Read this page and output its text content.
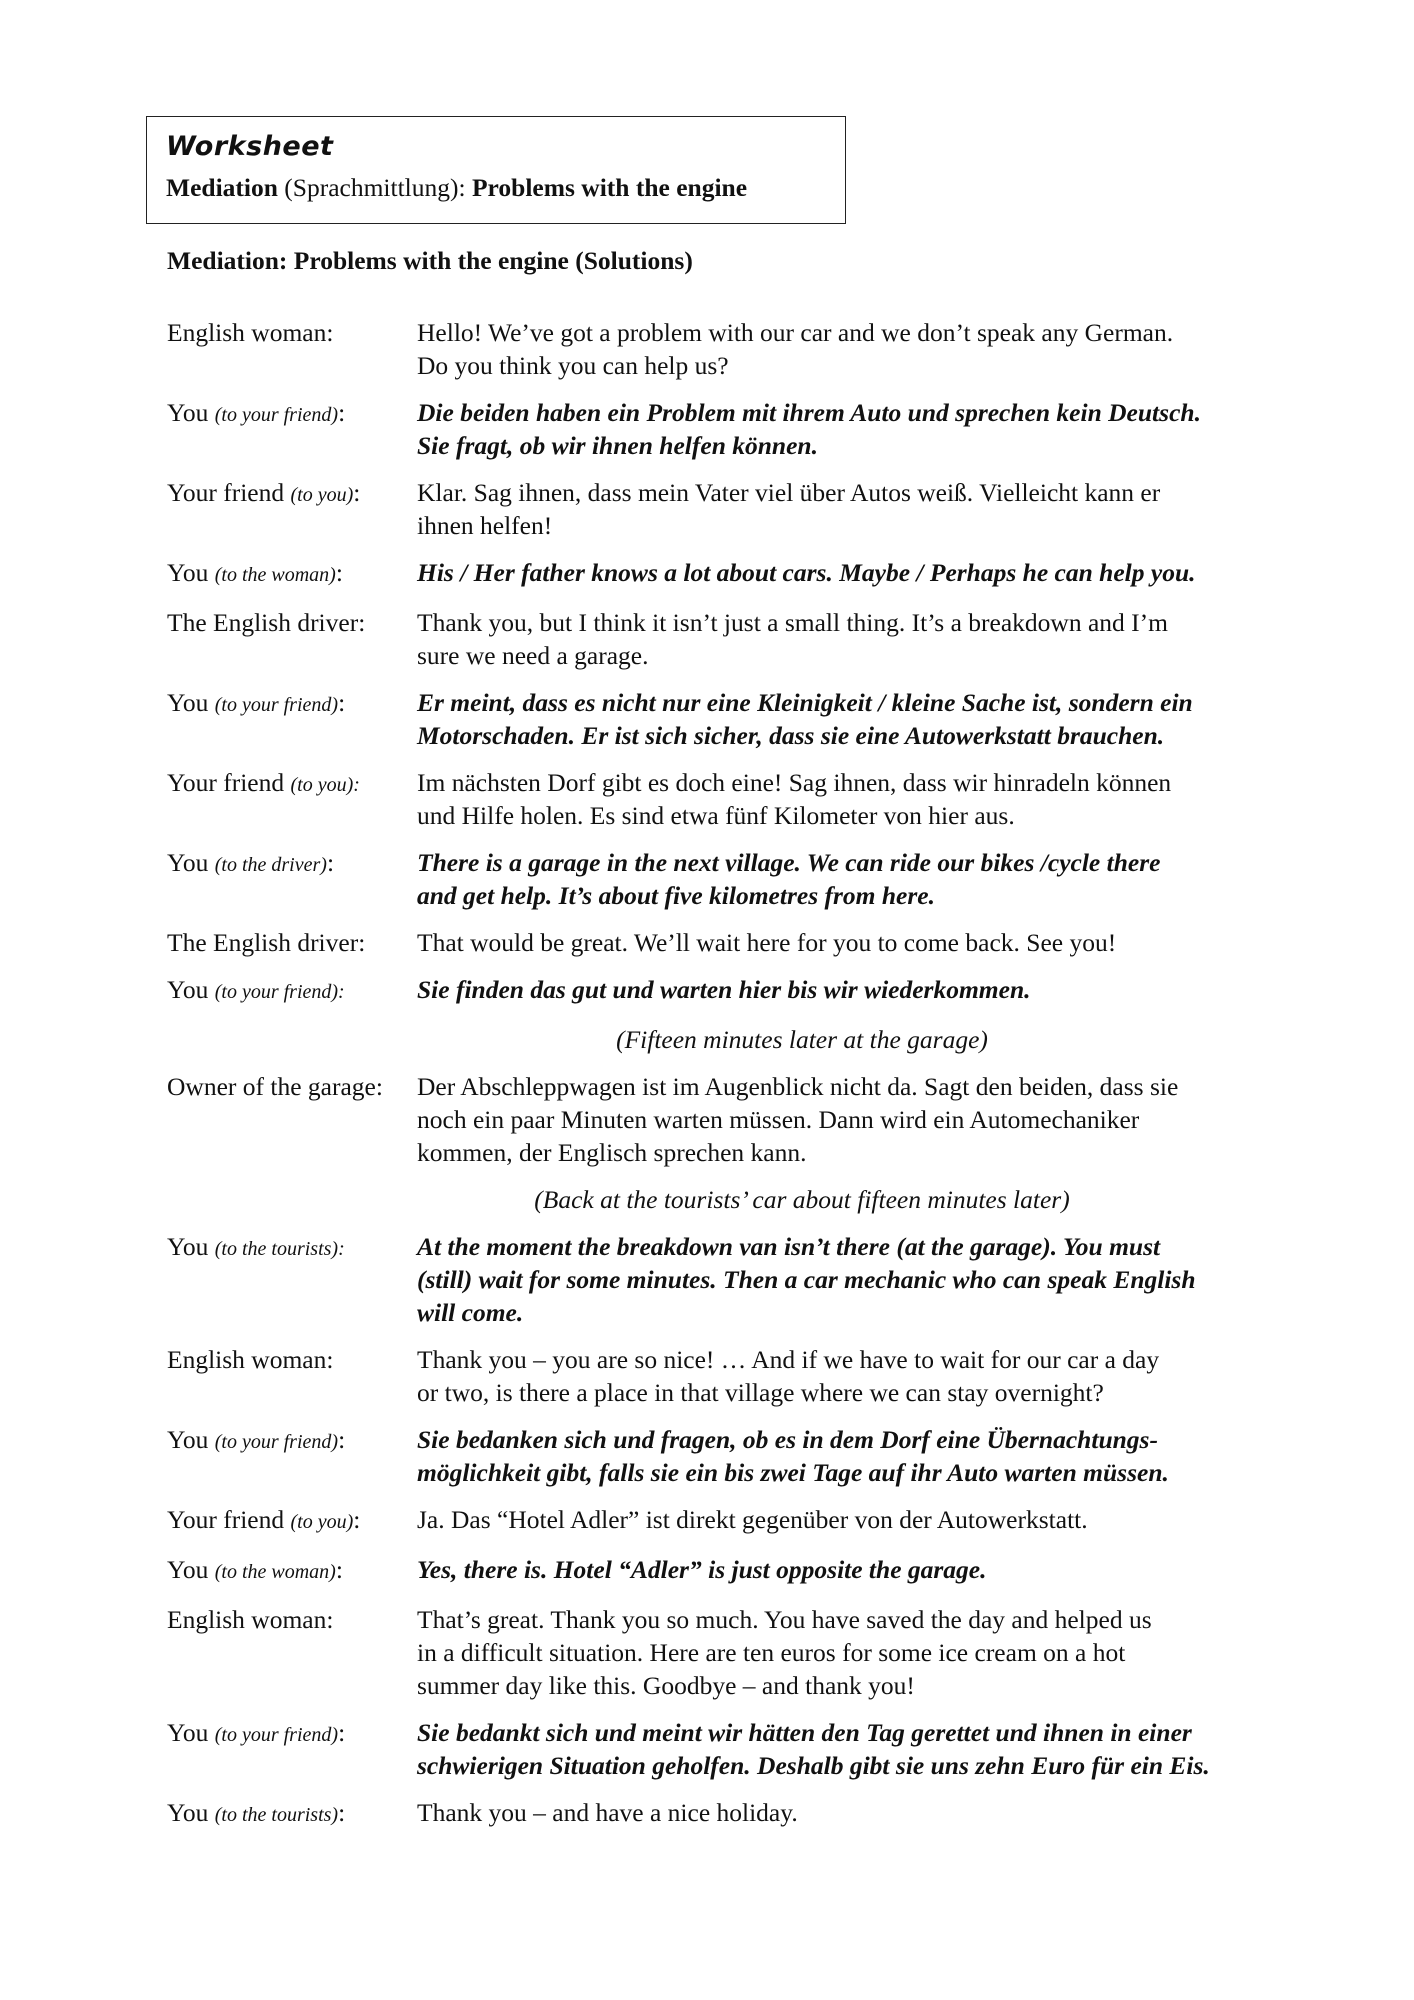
Worksheet
Mediation (Sprachmittlung): Problems with the engine
Mediation: Problems with the engine (Solutions)
English woman:	Hello! We’ve got a problem with our car and we don’t speak any German.
Do you think you can help us?
You (to your friend):	Die beiden haben ein Problem mit ihrem Auto und sprechen kein Deutsch.
Sie fragt, ob wir ihnen helfen können.
Your friend (to you):	Klar. Sag ihnen, dass mein Vater viel über Autos weiß. Vielleicht kann er
ihnen helfen!
You (to the woman):	His / Her father knows a lot about cars. Maybe / Perhaps he can help you.
The English driver:	Thank you, but I think it isn’t just a small thing. It’s a breakdown and I’m
sure we need a garage.
You (to your friend):	Er meint, dass es nicht nur eine Kleinigkeit / kleine Sache ist, sondern ein
Motorschaden. Er ist sich sicher, dass sie eine Autowerkstatt brauchen.
Your friend (to you):	Im nächsten Dorf gibt es doch eine! Sag ihnen, dass wir hinradeln können
und Hilfe holen. Es sind etwa fünf Kilometer von hier aus.
You (to the driver):	There is a garage in the next village. We can ride our bikes /cycle there
and get help. It’s about five kilometres from here.
The English driver:	That would be great. We’ll wait here for you to come back. See you!
You (to your friend):	Sie finden das gut und warten hier bis wir wiederkommen.
(Fifteen minutes later at the garage)
Owner of the garage:	Der Abschleppwagen ist im Augenblick nicht da. Sagt den beiden, dass sie
noch ein paar Minuten warten müssen. Dann wird ein Automechaniker
kommen, der Englisch sprechen kann.
(Back at the tourists’ car about fifteen minutes later)
You (to the tourists):	At the moment the breakdown van isn’t there (at the garage). You must
(still) wait for some minutes. Then a car mechanic who can speak English
will come.
English woman:	Thank you – you are so nice! … And if we have to wait for our car a day
or two, is there a place in that village where we can stay overnight?
You (to your friend):	Sie bedanken sich und fragen, ob es in dem Dorf eine Übernachtungs-
möglichkeit gibt, falls sie ein bis zwei Tage auf ihr Auto warten müssen.
Your friend (to you):	Ja. Das “Hotel Adler” ist direkt gegenüber von der Autowerkstatt.
You (to the woman):	Yes, there is. Hotel “Adler” is just opposite the garage.
English woman:	That’s great. Thank you so much. You have saved the day and helped us
in a difficult situation. Here are ten euros for some ice cream on a hot
summer day like this. Goodbye – and thank you!
You (to your friend):	Sie bedankt sich und meint wir hätten den Tag gerettet und ihnen in einer
schwierigen Situation geholfen. Deshalb gibt sie uns zehn Euro für ein Eis.
You (to the tourists):	Thank you – and have a nice holiday.
